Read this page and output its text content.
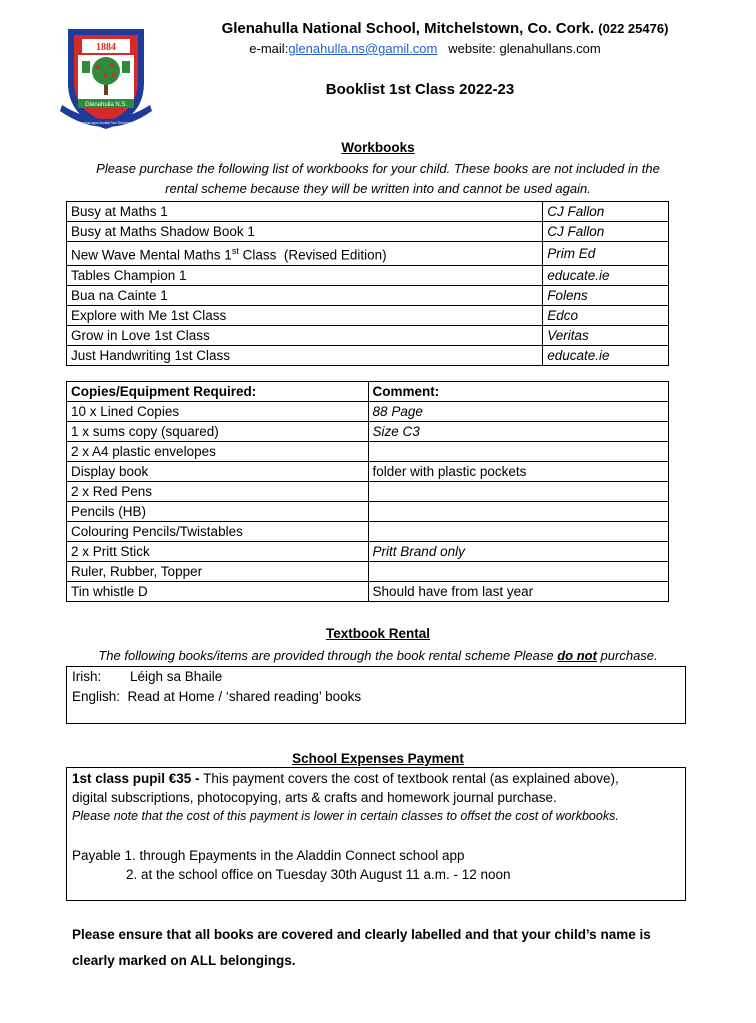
1884
Glenahulla N.S.
Oideachas agus Scoláip Faoi Thionchar Dé
Glenahulla National School, Mitchelstown, Co. Cork. (022 25476)
e-mail:glenahulla.ns@gamil.com website: glenahullans.com
Booklist 1st Class 2022-23
Workbooks
Please purchase the following list of workbooks for your child. These books are not included in the
rental scheme because they will be written into and cannot be used again.
Busy at Maths 1	CJ Fallon
Busy at Maths Shadow Book 1	CJ Fallon
New Wave Mental Maths 1st Class  (Revised Edition)	Prim Ed
Tables Champion 1	educate.ie
Bua na Cainte 1	Folens
Explore with Me 1st Class	Edco
Grow in Love 1st Class	Veritas
Just Handwriting 1st Class	educate.ie
Copies/Equipment Required:	Comment:
10 x Lined Copies	88 Page
1 x sums copy (squared)	Size C3
2 x A4 plastic envelopes	
Display book	folder with plastic pockets
2 x Red Pens	
Pencils (HB)	
Colouring Pencils/Twistables	
2 x Pritt Stick	Pritt Brand only
Ruler, Rubber, Topper	
Tin whistle D	Should have from last year
Textbook Rental
The following books/items are provided through the book rental scheme Please do not purchase.
Irish: Léigh sa Bhaile
English: Read at Home / ‘shared reading’ books
School Expenses Payment
1st class pupil €35 - This payment covers the cost of textbook rental (as explained above),
digital subscriptions, photocopying, arts & crafts and homework journal purchase.
Please note that the cost of this payment is lower in certain classes to offset the cost of workbooks.
Payable 1. through Epayments in the Aladdin Connect school app
2. at the school office on Tuesday 30th August 11 a.m. - 12 noon
Please ensure that all books are covered and clearly labelled and that your child’s name is
clearly marked on ALL belongings.
